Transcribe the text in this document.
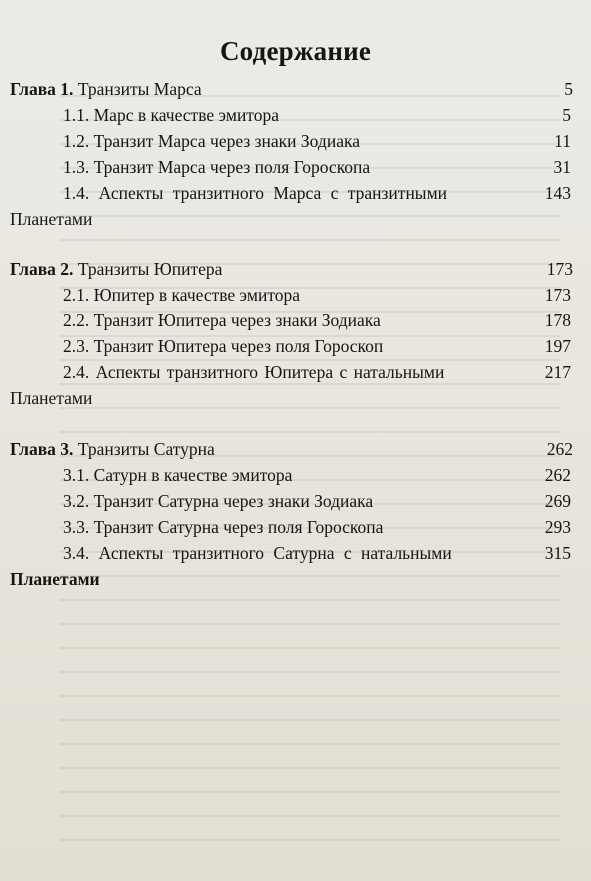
Содержание
Глава 1. Транзиты Марса	5
1.1. Марс в качестве эмитора	5
1.2. Транзит Марса через знаки Зодиака	11
1.3. Транзит Марса через поля Гороскопа	31
1.4. Аспекты транзитного Марса с транзитными	143
Планетами
Глава 2. Транзиты Юпитера	173
2.1. Юпитер в качестве эмитора	173
2.2. Транзит Юпитера через знаки Зодиака	178
2.3. Транзит Юпитера через поля Гороскоп	197
2.4. Аспекты транзитного Юпитера с натальными	217
Планетами
Глава 3. Транзиты Сатурна	262
3.1. Сатурн в качестве эмитора	262
3.2. Транзит Сатурна через знаки Зодиака	269
3.3. Транзит Сатурна через поля Гороскопа	293
3.4. Аспекты транзитного Сатурна с натальными	315
Планетами
